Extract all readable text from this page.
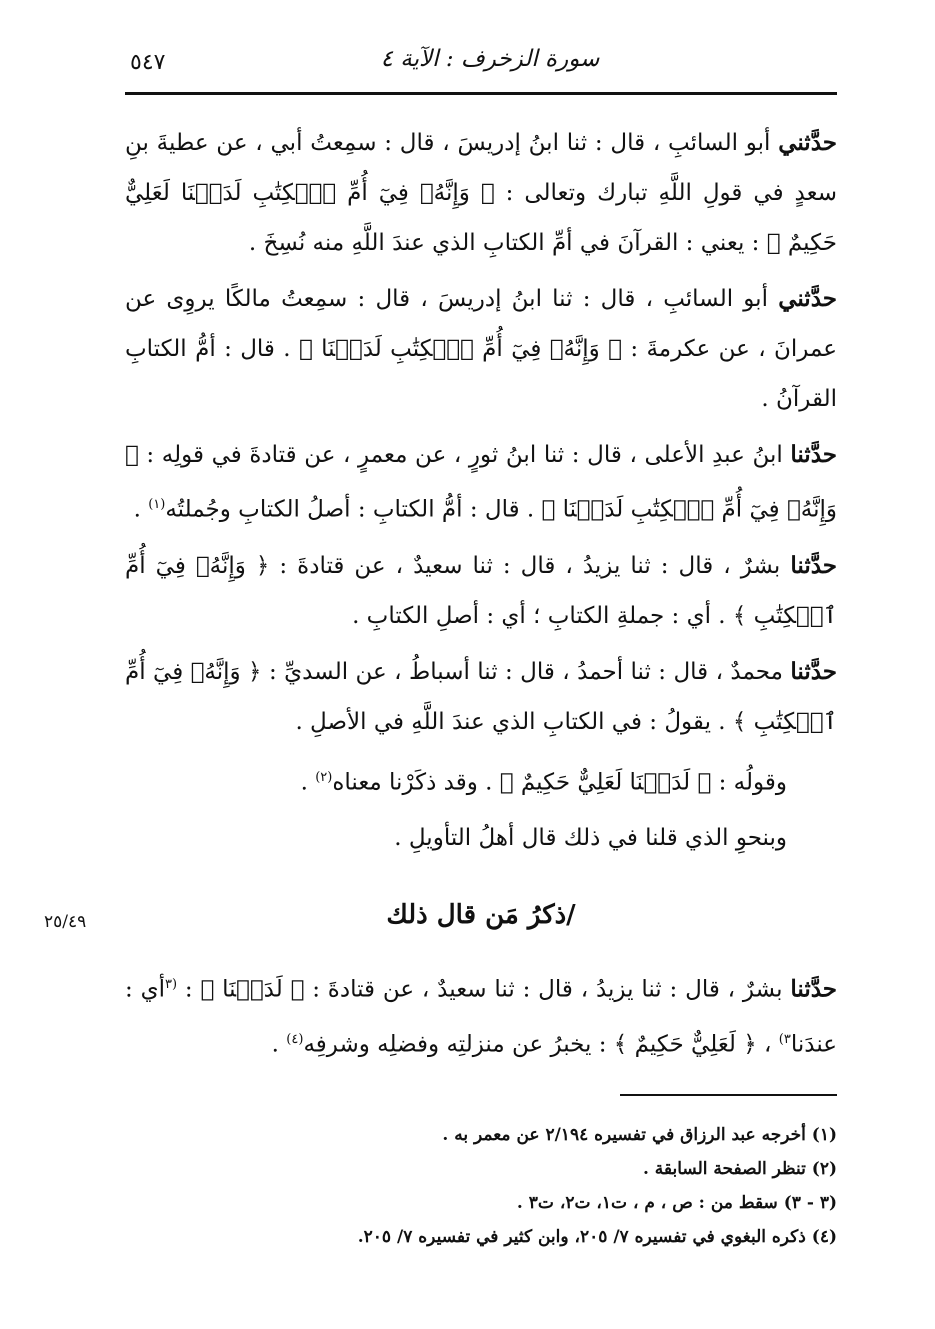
٥٤٧	سورة الزخرف : الآية ٤

حدَّثني أبو السائبِ ، قال : ثنا ابنُ إدريسَ ، قال : سمِعتُ أبي ، عن عطيةَ بنِ سعدٍ في قولِ اللَّهِ تبارك وتعالى : ﴿ وَإِنَّهُۥ فِيٓ أُمِّ ٱلۡكِتَٰبِ لَدَيۡنَا لَعَلِيٌّ حَكِيمٌ ﴾ : يعني : القرآنَ في أمِّ الكتابِ الذي عندَ اللَّهِ منه نُسِخَ .

حدَّثني أبو السائبِ ، قال : ثنا ابنُ إدريسَ ، قال : سمِعتُ مالكًا يروِى عن عمرانَ ، عن عكرمةَ : ﴿ وَإِنَّهُۥ فِيٓ أُمِّ ٱلۡكِتَٰبِ لَدَيۡنَا ﴾ . قال : أمُّ الكتابِ القرآنُ .

حدَّثنا ابنُ عبدِ الأعلى ، قال : ثنا ابنُ ثورٍ ، عن معمرٍ ، عن قتادةَ في قولِه : ﴿ وَإِنَّهُۥ فِيٓ أُمِّ ٱلۡكِتَٰبِ لَدَيۡنَا ﴾ . قال : أمُّ الكتابِ : أصلُ الكتابِ وجُملتُه$^{(١)}$ .

حدَّثنا بشرٌ ، قال : ثنا يزيدُ ، قال : ثنا سعيدٌ ، عن قتادةَ : ﴿ وَإِنَّهُۥ فِيٓ أُمِّ ٱلۡكِتَٰبِ ﴾ . أي : جملةِ الكتابِ ؛ أي : أصلِ الكتابِ .

حدَّثنا محمدٌ ، قال : ثنا أحمدُ ، قال : ثنا أسباطُ ، عن السديِّ : ﴿ وَإِنَّهُۥ فِيٓ أُمِّ ٱلۡكِتَٰبِ ﴾ . يقولُ : في الكتابِ الذي عندَ اللَّهِ في الأصلِ .

وقولُه : ﴿ لَدَيۡنَا لَعَلِيٌّ حَكِيمٌ ﴾ . وقد ذكَرْنا معناه$^{(٢)}$ .

وبنحوِ الذي قلنا في ذلك قال أهلُ التأويلِ .

/ذكرُ مَن قال ذلك
٢٥/٤٩

حدَّثنا بشرٌ ، قال : ثنا يزيدُ ، قال : ثنا سعيدٌ ، عن قتادةَ : ﴿ لَدَيۡنَا ﴾ : $^{(٣}$أي : عندَنا$^{٣)}$ ، ﴿ لَعَلِيٌّ حَكِيمٌ ﴾ : يخبرُ عن منزلتِه وفضلِه وشرفِه$^{(٤)}$ .

(١) أخرجه عبد الرزاق في تفسيره ٢/١٩٤ عن معمر به .

(٢) تنظر الصفحة السابقة .

(٣ - ٣) سقط من : ص ، م ، ت١، ت٢، ت٣ .

(٤) ذكره البغوي في تفسيره ٧/ ٢٠٥، وابن كثير في تفسيره ٧/ ٢٠٥.
